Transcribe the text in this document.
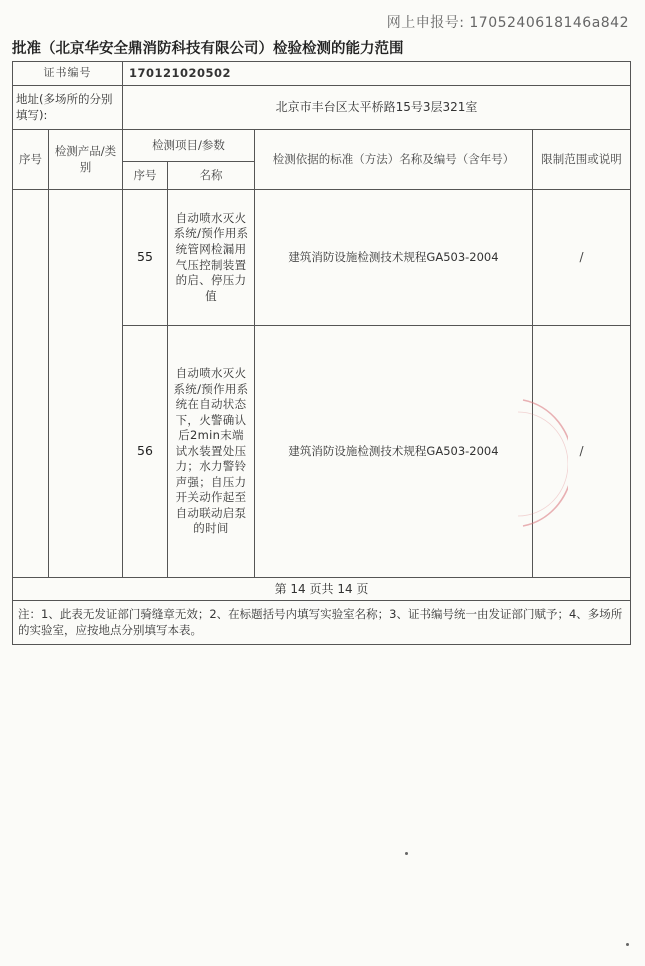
网上申报号: 1705240618146a842
批准（北京华安全鼎消防科技有限公司）检验检测的能力范围
证书编号		170121020502			
地址(多场所的分别填写):		北京市丰台区太平桥路15号3层321室			
序号	检测产品/类别	检测项目/参数		检测依据的标准（方法）名称及编号（含年号）	限制范围或说明
		序号	名称		
		55	自动喷水灭火系统/预作用系统管网检漏用气压控制装置的启、停压力值	建筑消防设施检测技术规程GA503-2004	/
		56	自动喷水灭火系统/预作用系统在自动状态下，火警确认后2min末端试水装置处压力；水力警铃声强；自压力开关动作起至自动联动启泵的时间	建筑消防设施检测技术规程GA503-2004	/
第 14 页共 14 页					
注：1、此表无发证部门骑缝章无效；2、在标题括号内填写实验室名称；3、证书编号统一由发证部门赋予；4、多场所的实验室，应按地点分别填写本表。					
